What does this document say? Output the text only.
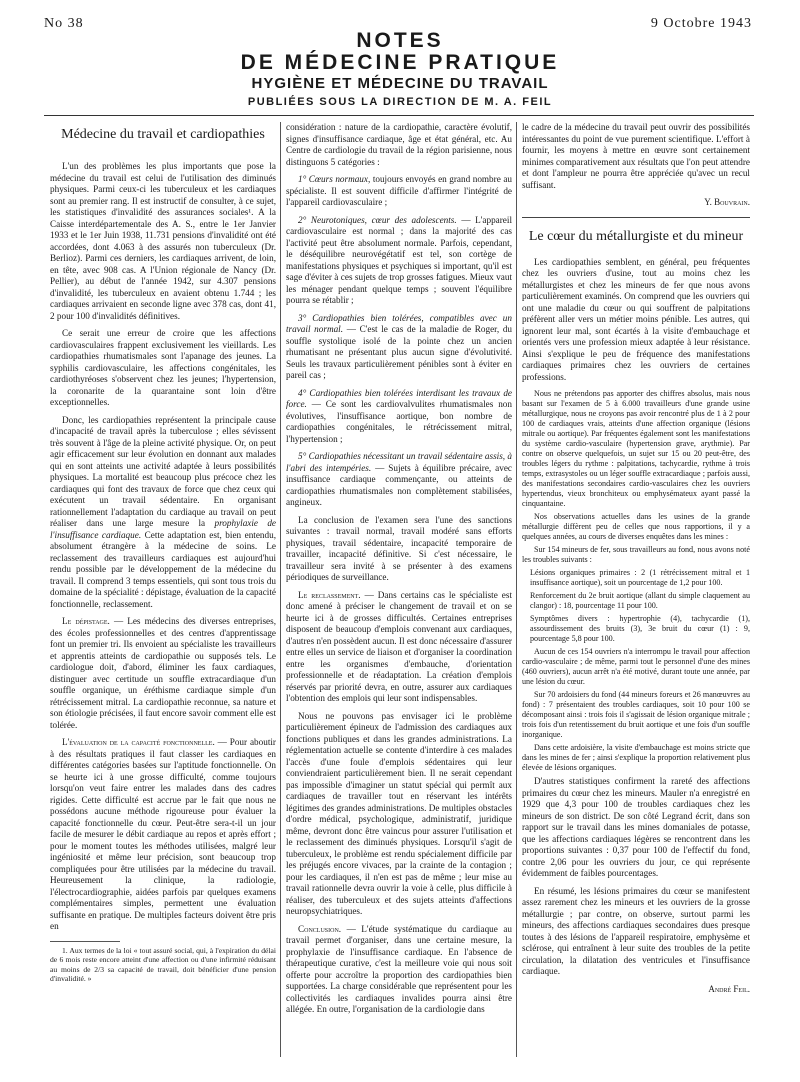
No 38	9 Octobre 1943
NOTES
DE MÉDECINE PRATIQUE
HYGIÈNE ET MÉDECINE DU TRAVAIL
PUBLIÉES SOUS LA DIRECTION DE M. A. FEIL
Médecine du travail et cardiopathies

L'un des problèmes les plus importants que pose la médecine du travail est celui de l'utilisation des diminués physiques. Parmi ceux-ci les tuberculeux et les cardiaques sont au premier rang. Il est instructif de consulter, à ce sujet, les statistiques d'invalidité des assurances sociales¹. A la Caisse interdépartementale des A. S., entre le 1er Janvier 1933 et le 1er Juin 1938, 11.731 pensions d'invalidité ont été accordées, dont 4.063 à des assurés non tuberculeux (Dr. Berlioz). Parmi ces derniers, les cardiaques arrivent, de loin, en tête, avec 908 cas. A l'Union régionale de Nancy (Dr. Pellier), au début de l'année 1942, sur 4.307 pensions d'invalidité, les tuberculeux en avaient obtenu 1.744 ; les cardiaques arrivaient en seconde ligne avec 378 cas, dont 41, 2 pour 100 d'invalidités définitives.

Ce serait une erreur de croire que les affections cardiovasculaires frappent exclusivement les vieillards. Les cardiopathies rhumatismales sont l'apanage des jeunes. La syphilis cardiovasculaire, les affections congénitales, les cardiothyréoses s'observent chez les jeunes; l'hypertension, la coronarite de la quarantaine sont loin d'être exceptionnelles.

Donc, les cardiopathies représentent la principale cause d'incapacité de travail après la tuberculose ; elles sévissent très souvent à l'âge de la pleine activité physique. Or, on peut agir efficacement sur leur évolution en donnant aux malades qui en sont atteints une activité adaptée à leurs possibilités physiques. La mortalité est beaucoup plus précoce chez les cardiaques qui font des travaux de force que chez ceux qui exécutent un travail sédentaire. En organisant rationnellement l'adaptation du cardiaque au travail on peut réaliser dans une large mesure la prophylaxie de l'insuffisance cardiaque. Cette adaptation est, bien entendu, absolument étrangère à la médecine de soins. Le reclassement des travailleurs cardiaques est aujourd'hui rendu possible par le développement de la médecine du travail. Il comprend 3 temps essentiels, qui sont tous trois du domaine de la spécialité : dépistage, évaluation de la capacité fonctionnelle, reclassement.

Le dépistage. — Les médecins des diverses entreprises, des écoles professionnelles et des centres d'apprentissage font un premier tri. Ils envoient au spécialiste les travailleurs et apprentis atteints de cardiopathie ou supposés tels. Le cardiologue doit, d'abord, éliminer les faux cardiaques, distinguer avec certitude un souffle extracardiaque d'un souffle organique, un éréthisme cardiaque simple d'un rétrécissement mitral. La cardiopathie reconnue, sa nature et son étiologie précisées, il faut encore savoir comment elle est tolérée.

L'évaluation de la capacité fonctionnelle. — Pour aboutir à des résultats pratiques il faut classer les cardiaques en différentes catégories basées sur l'aptitude fonctionnelle. On se heurte ici à une grosse difficulté, comme toujours lorsqu'on veut faire entrer les malades dans des cadres rigides. Cette difficulté est accrue par le fait que nous ne possédons aucune méthode rigoureuse pour évaluer la capacité fonctionnelle du cœur. Peut-être sera-t-il un jour facile de mesurer le débit cardiaque au repos et après effort ; pour le moment toutes les méthodes utilisées, malgré leur ingéniosité et même leur précision, sont beaucoup trop compliquées pour être utilisées par la médecine du travail. Heureusement la clinique, la radiologie, l'électrocardiographie, aidées parfois par quelques examens complémentaires simples, permettent une évaluation suffisante en pratique. De multiples facteurs doivent être pris en

1. Aux termes de la loi « tout assuré social, qui, à l'expiration du délai de 6 mois reste encore atteint d'une affection ou d'une infirmité réduisant au moins de 2/3 sa capacité de travail, doit bénéficier d'une pension d'invalidité. »

considération : nature de la cardiopathie, caractère évolutif, signes d'insuffisance cardiaque, âge et état général, etc. Au Centre de cardiologie du travail de la région parisienne, nous distinguons 5 catégories :

1° Cœurs normaux, toujours envoyés en grand nombre au spécialiste. Il est souvent difficile d'affirmer l'intégrité de l'appareil cardiovasculaire ;

2° Neurotoniques, cœur des adolescents. — L'appareil cardiovasculaire est normal ; dans la majorité des cas l'activité peut être absolument normale. Parfois, cependant, le déséquilibre neurovégétatif est tel, son cortège de manifestations physiques et psychiques si important, qu'il est sage d'éviter à ces sujets de trop grosses fatigues. Mieux vaut les ménager pendant quelque temps ; souvent l'équilibre pourra se rétablir ;

3° Cardiopathies bien tolérées, compatibles avec un travail normal. — C'est le cas de la maladie de Roger, du souffle systolique isolé de la pointe chez un ancien rhumatisant ne présentant plus aucun signe d'évolutivité. Seuls les travaux particulièrement pénibles sont à éviter en pareil cas ;

4° Cardiopathies bien tolérées interdisant les travaux de force. — Ce sont les cardiovalvulites rhumatismales non évolutives, l'insuffisance aortique, bon nombre de cardiopathies congénitales, le rétrécissement mitral, l'hypertension ;

5° Cardiopathies nécessitant un travail sédentaire assis, à l'abri des intempéries. — Sujets à équilibre précaire, avec insuffisance cardiaque commençante, ou atteints de cardiopathies rhumatismales non complètement stabilisées, angineux.

La conclusion de l'examen sera l'une des sanctions suivantes : travail normal, travail modéré sans efforts physiques, travail sédentaire, incapacité temporaire de travailler, incapacité définitive. Si c'est nécessaire, le travailleur sera invité à se présenter à des examens périodiques de surveillance.

Le reclassement. — Dans certains cas le spécialiste est donc amené à préciser le changement de travail et on se heurte ici à de grosses difficultés. Certaines entreprises disposent de beaucoup d'emplois convenant aux cardiaques, d'autres n'en possèdent aucun. Il est donc nécessaire d'assurer entre elles un service de liaison et d'organiser la coordination entre les organismes d'embauche, d'orientation professionnelle et de réadaptation. La création d'emplois réservés par priorité devra, en outre, assurer aux cardiaques l'obtention des emplois qui leur sont indispensables.

Nous ne pouvons pas envisager ici le problème particulièrement épineux de l'admission des cardiaques aux fonctions publiques et dans les grandes administrations. La réglementation actuelle se contente d'interdire à ces malades l'accès d'une foule d'emplois sédentaires qui leur conviendraient particulièrement bien. Il ne serait cependant pas impossible d'imaginer un statut spécial qui permît aux cardiaques de travailler tout en réservant les intérêts légitimes des grandes administrations. De multiples obstacles d'ordre médical, psychologique, administratif, juridique même, devront donc être vaincus pour assurer l'utilisation et le reclassement des diminués physiques. Lorsqu'il s'agit de tuberculeux, le problème est rendu spécialement difficile par les préjugés encore vivaces, par la crainte de la contagion ; pour les cardiaques, il n'en est pas de même ; leur mise au travail rationnelle devra ouvrir la voie à celle, plus difficile à réaliser, des tuberculeux et des sujets atteints d'affections neuropsychiatriques.

Conclusion. — L'étude systématique du cardiaque au travail permet d'organiser, dans une certaine mesure, la prophylaxie de l'insuffisance cardiaque. En l'absence de thérapeutique curative, c'est la meilleure voie qui nous soit offerte pour accroître la proportion des cardiopathies bien supportées. La charge considérable que représentent pour les collectivités les cardiaques invalides pourra ainsi être allégée. En outre, l'organisation de la cardiologie dans

le cadre de la médecine du travail peut ouvrir des possibilités intéressantes du point de vue purement scientifique. L'effort à fournir, les moyens à mettre en œuvre sont certainement minimes comparativement aux résultats que l'on peut attendre et dont l'ampleur ne pourra être appréciée qu'avec un recul suffisant.

Y. Bouvrain.

Le cœur du métallurgiste et du mineur

Les cardiopathies semblent, en général, peu fréquentes chez les ouvriers d'usine, tout au moins chez les métallurgistes et chez les mineurs de fer que nous avons particulièrement examinés. On comprend que les ouvriers qui ont une maladie du cœur ou qui souffrent de palpitations préfèrent aller vers un métier moins pénible. Les autres, qui ignorent leur mal, sont écartés à la visite d'embauchage et orientés vers une profession mieux adaptée à leur résistance. Ainsi s'explique le peu de fréquence des manifestations cardiaques primaires chez les ouvriers de certaines professions.

Nous ne prétendons pas apporter des chiffres absolus, mais nous basant sur l'examen de 5 à 6.000 travailleurs d'une grande usine métallurgique, nous ne croyons pas avoir rencontré plus de 1 à 2 pour 100 de cardiaques vrais, atteints d'une affection organique (lésions mitrale ou aortique). Par fréquentes également sont les manifestations du système cardio-vasculaire (hypertension grave, arythmie). Par contre on observe quelquefois, un sujet sur 15 ou 20 peut-être, des troubles légers du rythme : palpitations, tachycardie, rythme à trois temps, extrasystoles ou un léger souffle extracardiaque ; parfois aussi, des manifestations secondaires cardio-vasculaires chez les ouvriers hypertendus, vieux bronchiteux ou emphysémateux ayant passé la cinquantaine.

Nos observations actuelles dans les usines de la grande métallurgie diffèrent peu de celles que nous rapportions, il y a quelques années, au cours de diverses enquêtes dans les mines :

Sur 154 mineurs de fer, sous travailleurs au fond, nous avons noté les troubles suivants :

Lésions organiques primaires : 2 (1 rétrécissement mitral et 1 insuffisance aortique), soit un pourcentage de 1,2 pour 100.

Renforcement du 2e bruit aortique (allant du simple claquement au clangor) : 18, pourcentage 11 pour 100.

Symptômes divers : hypertrophie (4), tachycardie (1), assourdissement des bruits (3), 3e bruit du cœur (1) : 9, pourcentage 5,8 pour 100.

Aucun de ces 154 ouvriers n'a interrompu le travail pour affection cardio-vasculaire ; de même, parmi tout le personnel d'une des mines (460 ouvriers), aucun arrêt n'a été motivé, durant toute une année, par une lésion du cœur.

Sur 70 ardoisiers du fond (44 mineurs foreurs et 26 manœuvres au fond) : 7 présentaient des troubles cardiaques, soit 10 pour 100 se décomposant ainsi : trois fois il s'agissait de lésion organique mitrale ; trois fois d'un retentissement du bruit aortique et une fois d'un souffle inorganique.

Dans cette ardoisière, la visite d'embauchage est moins stricte que dans les mines de fer ; ainsi s'explique la proportion relativement plus élevée de lésions organiques.

D'autres statistiques confirment la rareté des affections primaires du cœur chez les mineurs. Mauler n'a enregistré en 1929 que 4,3 pour 100 de troubles cardiaques chez les mineurs de son district. De son côté Legrand écrit, dans son rapport sur le travail dans les mines domaniales de potasse, que les affections cardiaques légères se rencontrent dans les proportions suivantes : 0,37 pour 100 de l'effectif du fond, contre 2,06 pour les ouvriers du jour, ce qui représente évidemment de faibles pourcentages.

En résumé, les lésions primaires du cœur se manifestent assez rarement chez les mineurs et les ouvriers de la grosse métallurgie ; par contre, on observe, surtout parmi les mineurs, des affections cardiaques secondaires dues presque toutes à des lésions de l'appareil respiratoire, emphysème et sclérose, qui entraînent à leur suite des troubles de la petite circulation, la dilatation des ventricules et l'insuffisance cardiaque.

André Feil.
